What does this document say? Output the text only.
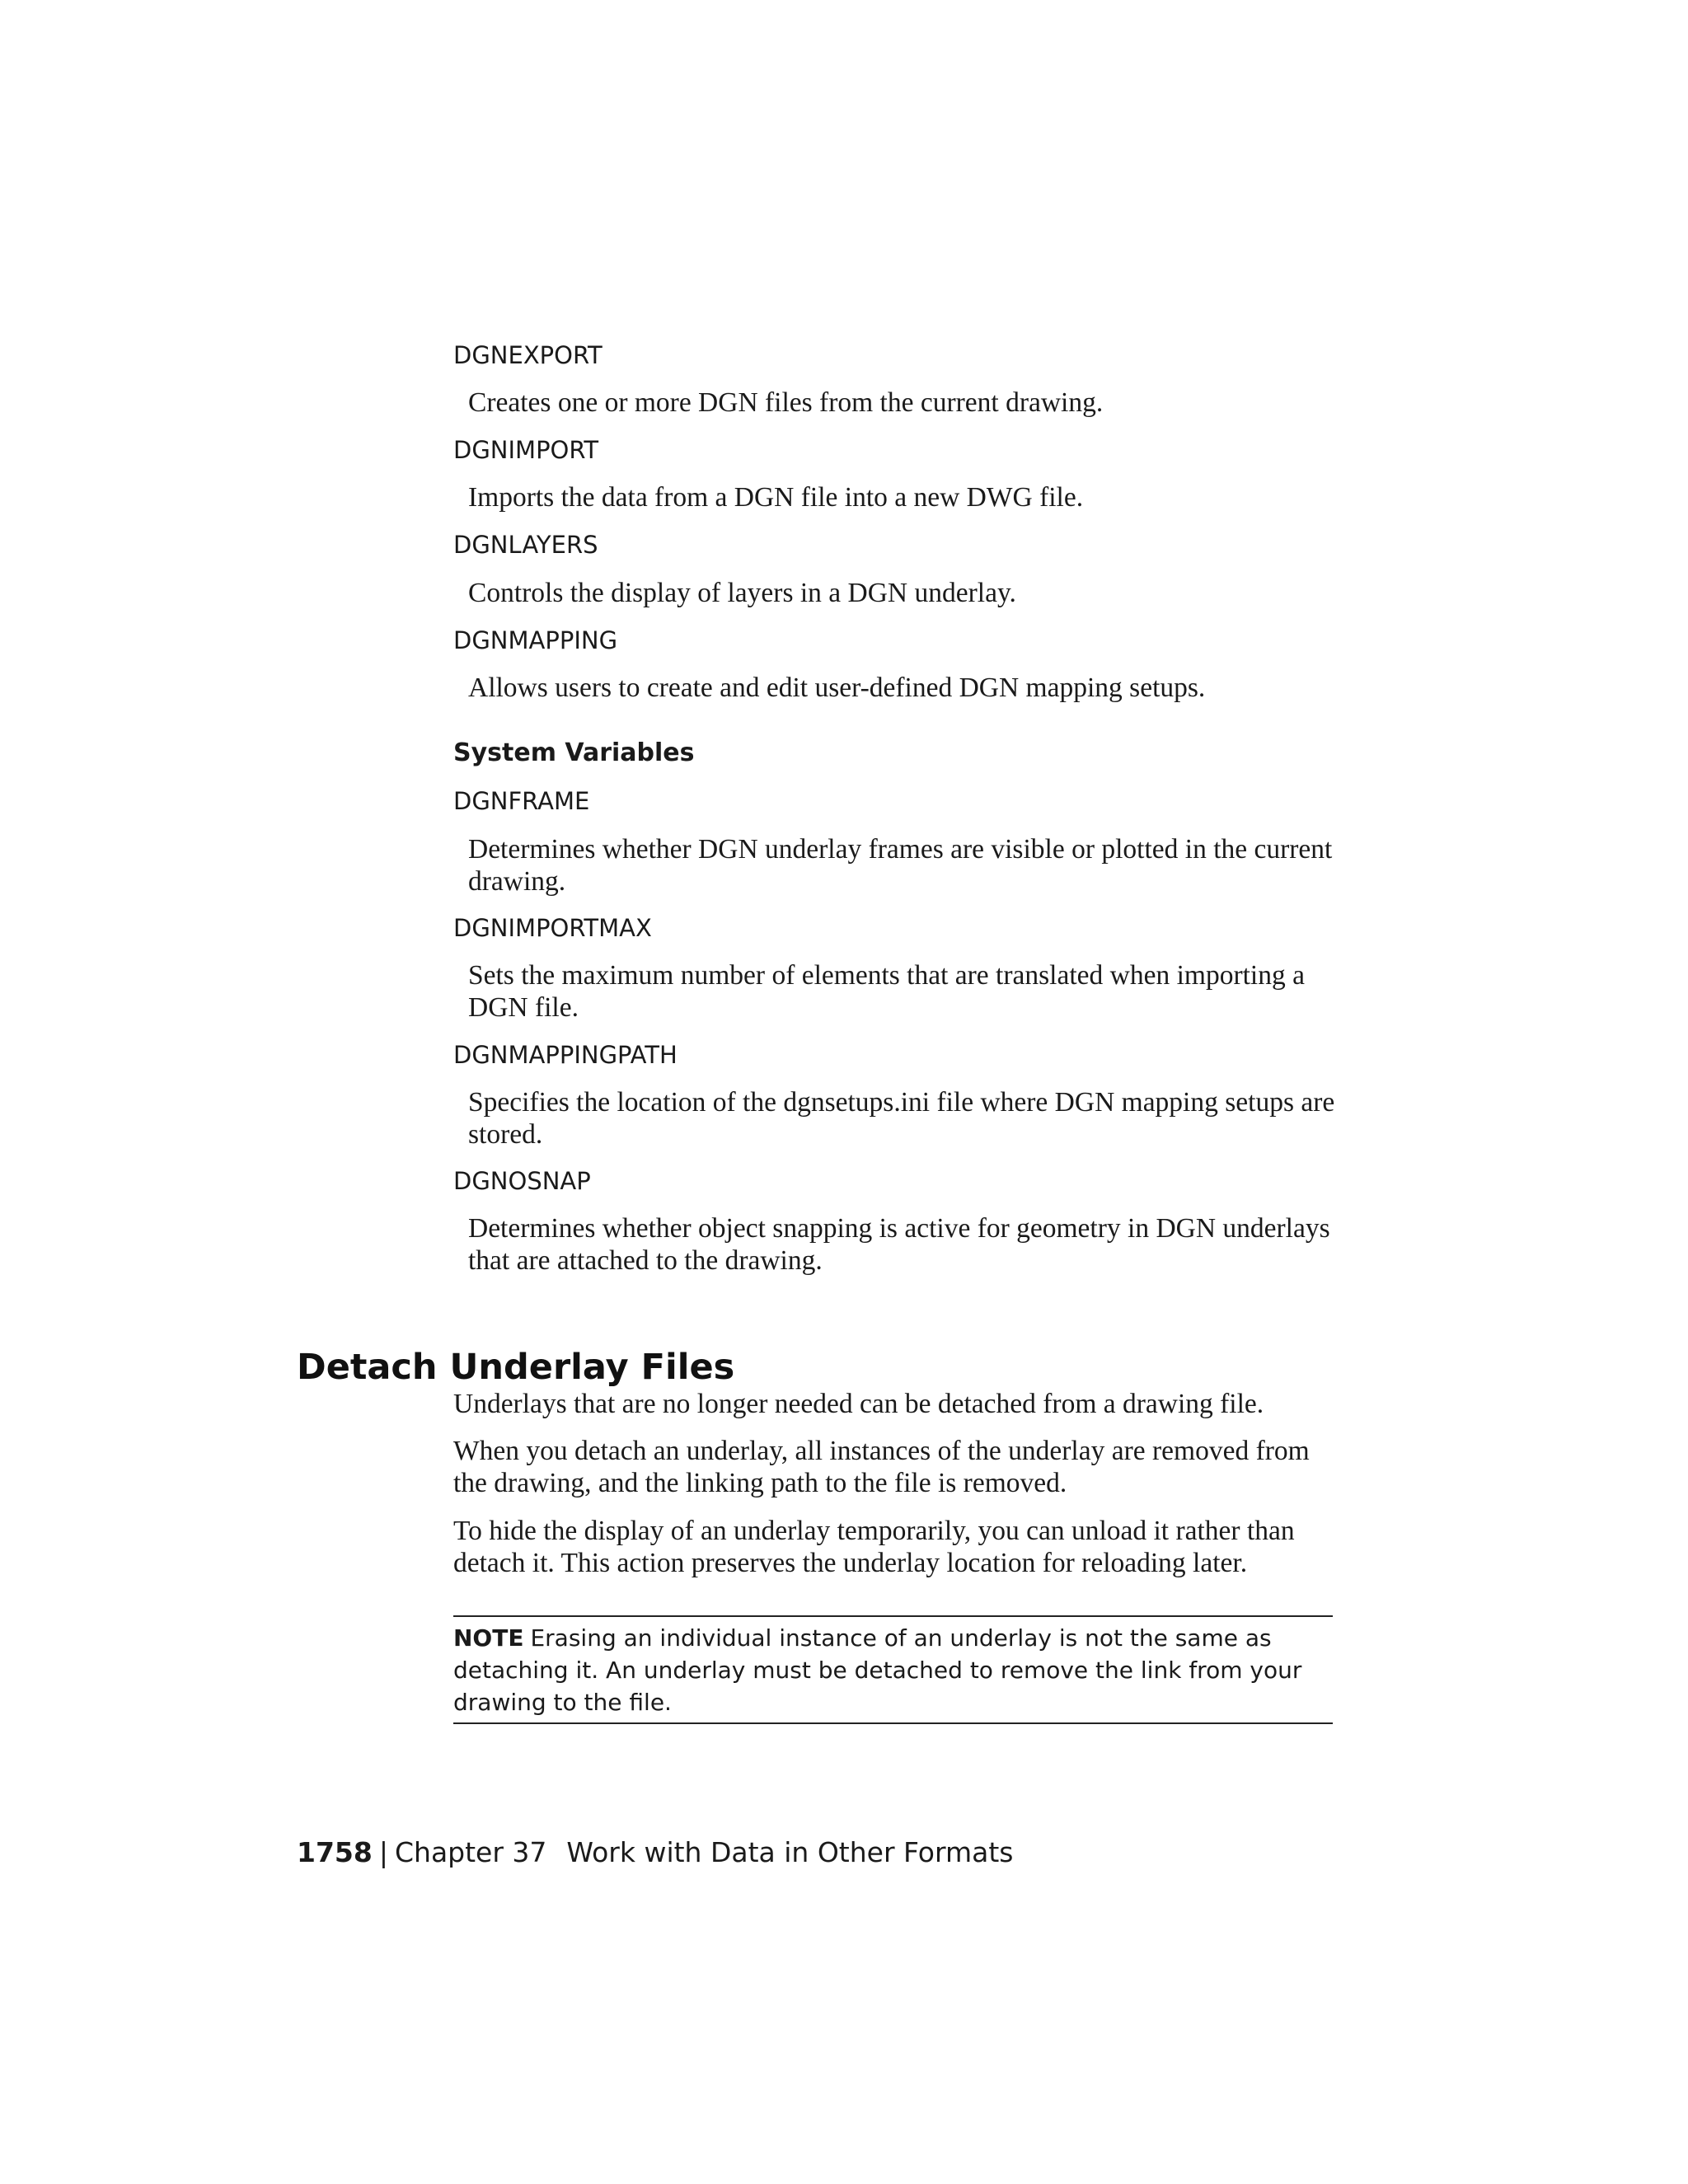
DGNEXPORT
Creates one or more DGN files from the current drawing.
DGNIMPORT
Imports the data from a DGN file into a new DWG file.
DGNLAYERS
Controls the display of layers in a DGN underlay.
DGNMAPPING
Allows users to create and edit user-defined DGN mapping setups.
System Variables
DGNFRAME
Determines whether DGN underlay frames are visible or plotted in the current drawing.
DGNIMPORTMAX
Sets the maximum number of elements that are translated when importing a DGN file.
DGNMAPPINGPATH
Specifies the location of the dgnsetups.ini file where DGN mapping setups are stored.
DGNOSNAP
Determines whether object snapping is active for geometry in DGN underlays that are attached to the drawing.
Detach Underlay Files
Underlays that are no longer needed can be detached from a drawing file.
When you detach an underlay, all instances of the underlay are removed from the drawing, and the linking path to the file is removed.
To hide the display of an underlay temporarily, you can unload it rather than detach it. This action preserves the underlay location for reloading later.
NOTE Erasing an individual instance of an underlay is not the same as detaching it. An underlay must be detached to remove the link from your drawing to the file.
1758 | Chapter 37 Work with Data in Other Formats
